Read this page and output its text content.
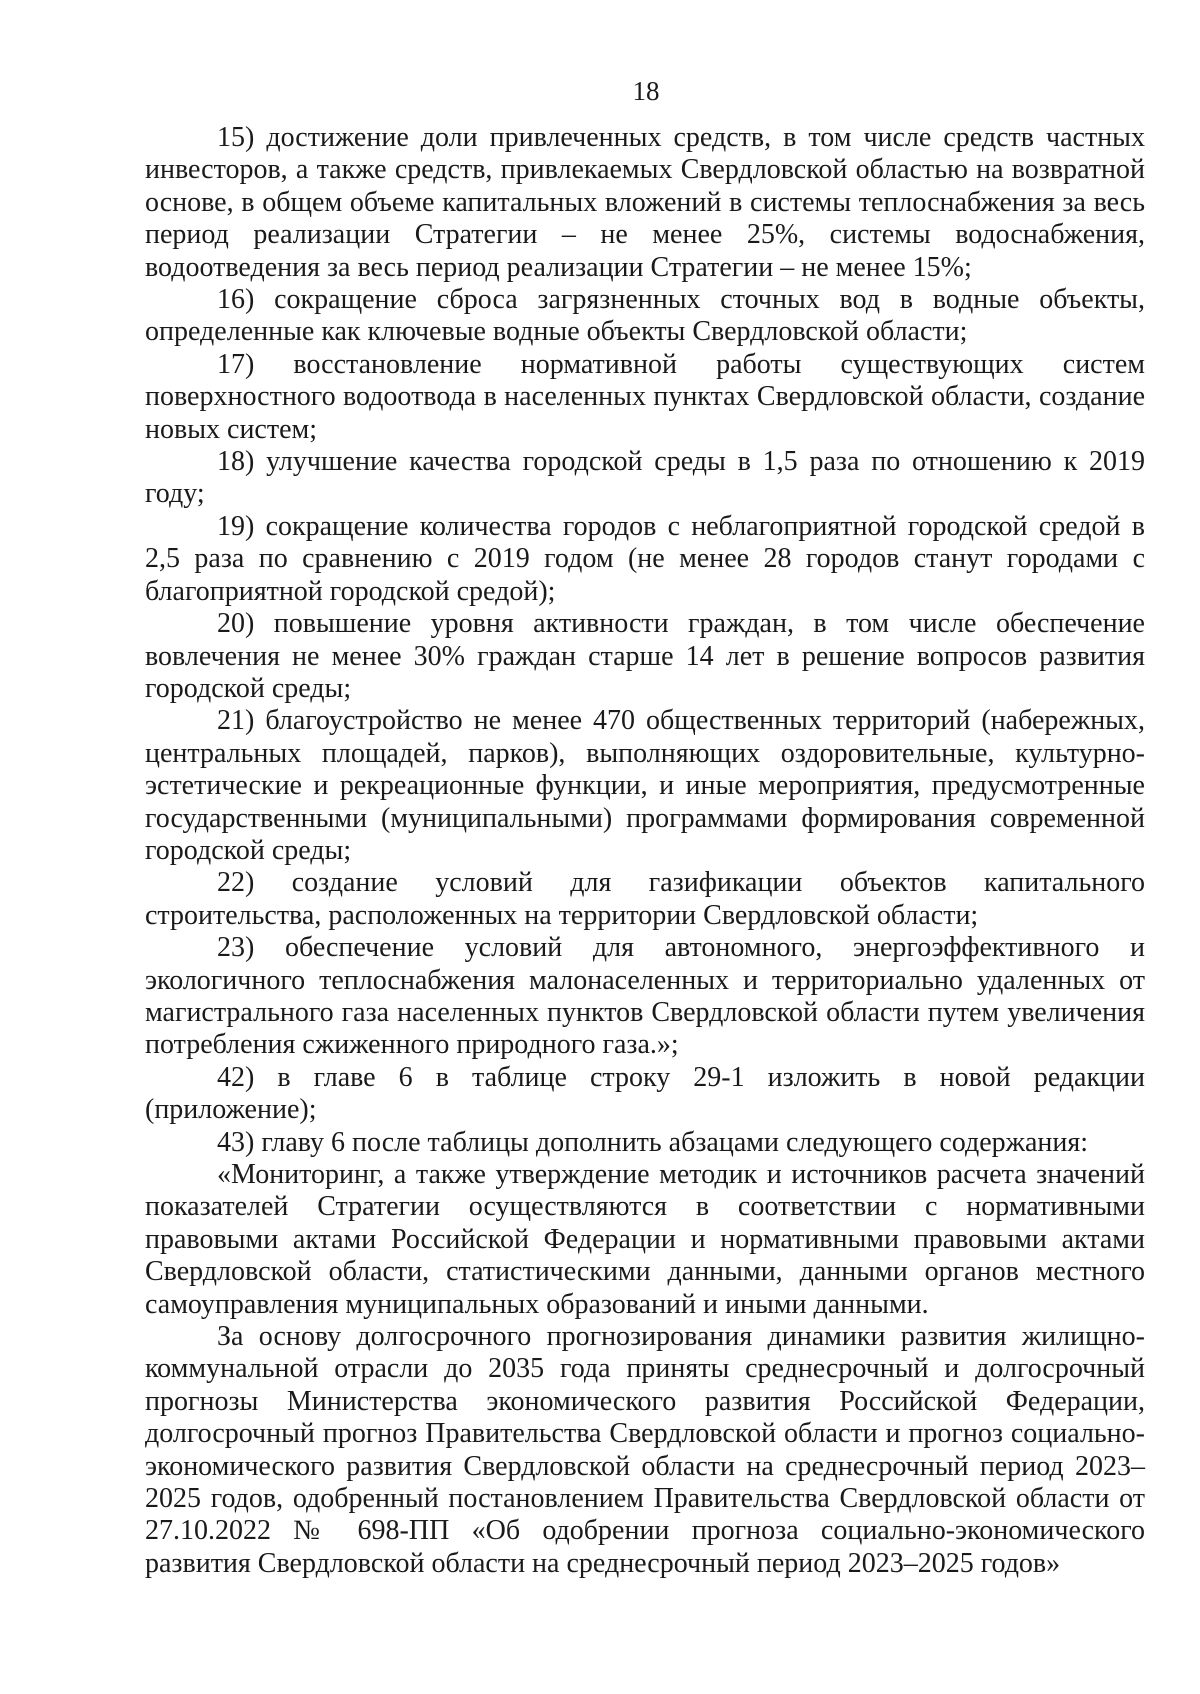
18

15) достижение доли привлеченных средств, в том числе средств частных инвесторов, а также средств, привлекаемых Свердловской областью на возвратной основе, в общем объеме капитальных вложений в системы теплоснабжения за весь период реализации Стратегии – не менее 25%, системы водоснабжения, водоотведения за весь период реализации Стратегии – не менее 15%;

16) сокращение сброса загрязненных сточных вод в водные объекты, определенные как ключевые водные объекты Свердловской области;

17) восстановление нормативной работы существующих систем поверхностного водоотвода в населенных пунктах Свердловской области, создание новых систем;

18) улучшение качества городской среды в 1,5 раза по отношению к 2019 году;

19) сокращение количества городов с неблагоприятной городской средой в 2,5 раза по сравнению с 2019 годом (не менее 28 городов станут городами с благоприятной городской средой);

20) повышение уровня активности граждан, в том числе обеспечение вовлечения не менее 30% граждан старше 14 лет в решение вопросов развития городской среды;

21) благоустройство не менее 470 общественных территорий (набережных, центральных площадей, парков), выполняющих оздоровительные, культурно-эстетические и рекреационные функции, и иные мероприятия, предусмотренные государственными (муниципальными) программами формирования современной городской среды;

22) создание условий для газификации объектов капитального строительства, расположенных на территории Свердловской области;

23) обеспечение условий для автономного, энергоэффективного и экологичного теплоснабжения малонаселенных и территориально удаленных от магистрального газа населенных пунктов Свердловской области путем увеличения потребления сжиженного природного газа.»;

42) в главе 6 в таблице строку 29-1 изложить в новой редакции (приложение);

43) главу 6 после таблицы дополнить абзацами следующего содержания:

«Мониторинг, а также утверждение методик и источников расчета значений показателей Стратегии осуществляются в соответствии с нормативными правовыми актами Российской Федерации и нормативными правовыми актами Свердловской области, статистическими данными, данными органов местного самоуправления муниципальных образований и иными данными.

За основу долгосрочного прогнозирования динамики развития жилищно-коммунальной отрасли до 2035 года приняты среднесрочный и долгосрочный прогнозы Министерства экономического развития Российской Федерации, долгосрочный прогноз Правительства Свердловской области и прогноз социально-экономического развития Свердловской области на среднесрочный период 2023–2025 годов, одобренный постановлением Правительства Свердловской области от 27.10.2022 № 698-ПП «Об одобрении прогноза социально-экономического развития Свердловской области на среднесрочный период 2023–2025 годов»
